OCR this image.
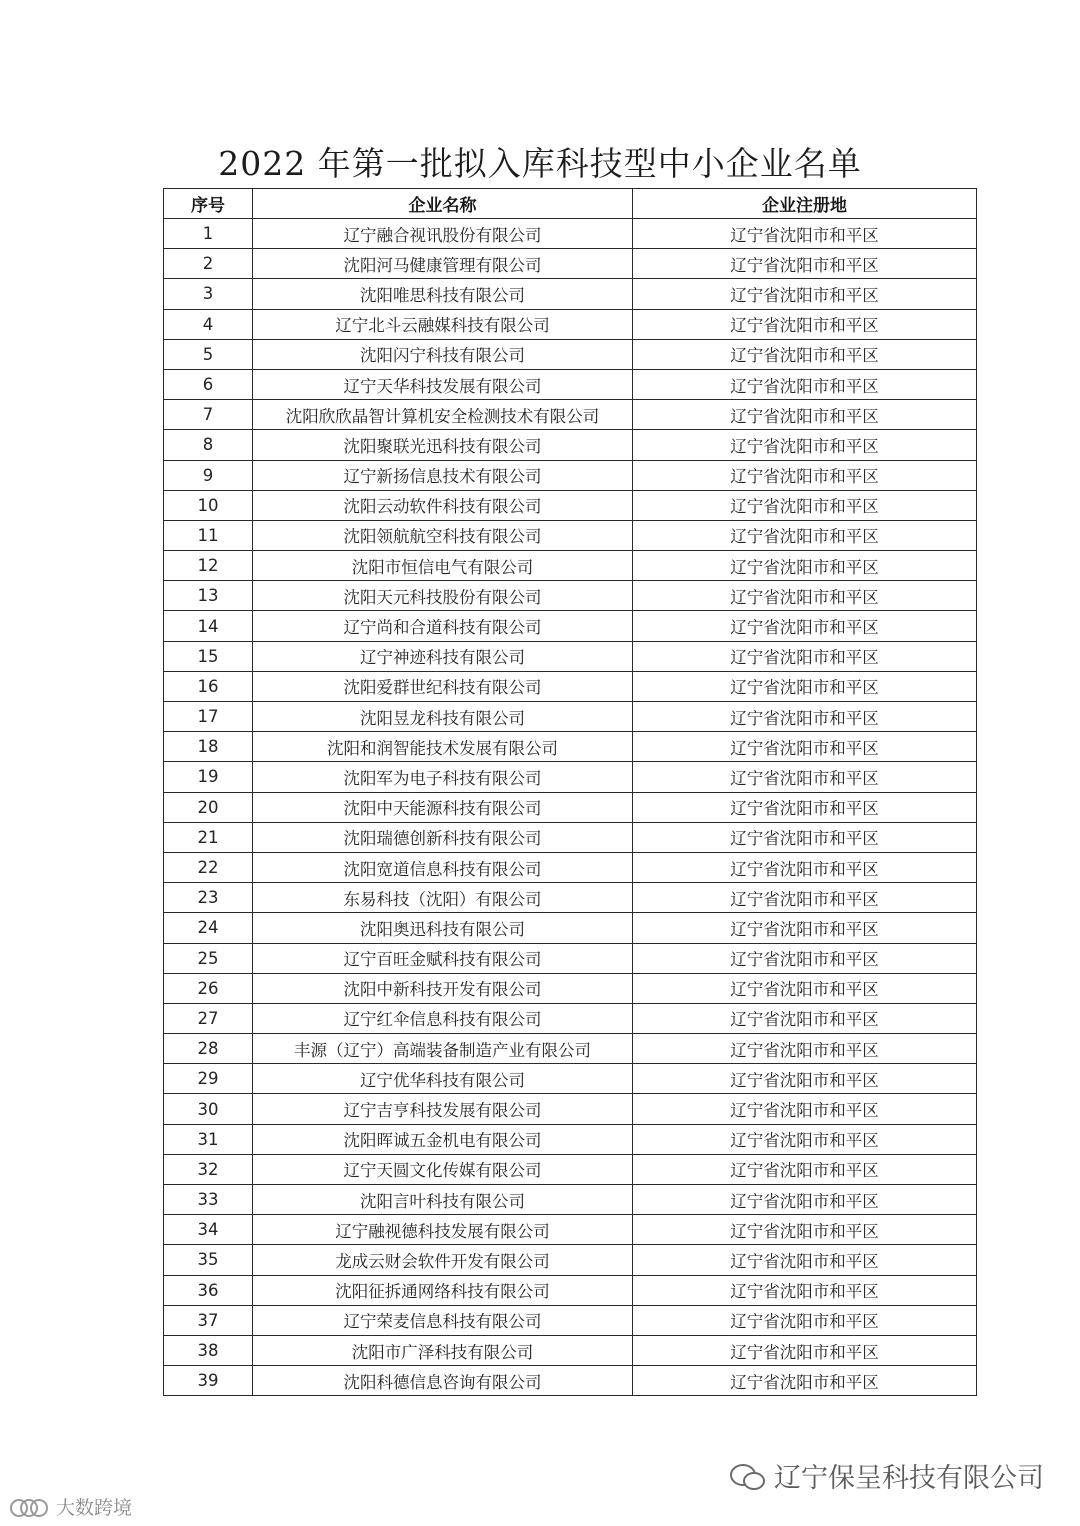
2022 年第一批拟入库科技型中小企业名单
序号	企业名称	企业注册地
1	辽宁融合视讯股份有限公司	辽宁省沈阳市和平区
2	沈阳河马健康管理有限公司	辽宁省沈阳市和平区
3	沈阳唯思科技有限公司	辽宁省沈阳市和平区
4	辽宁北斗云融媒科技有限公司	辽宁省沈阳市和平区
5	沈阳闪宁科技有限公司	辽宁省沈阳市和平区
6	辽宁天华科技发展有限公司	辽宁省沈阳市和平区
7	沈阳欣欣晶智计算机安全检测技术有限公司	辽宁省沈阳市和平区
8	沈阳聚联光迅科技有限公司	辽宁省沈阳市和平区
9	辽宁新扬信息技术有限公司	辽宁省沈阳市和平区
10	沈阳云动软件科技有限公司	辽宁省沈阳市和平区
11	沈阳领航航空科技有限公司	辽宁省沈阳市和平区
12	沈阳市恒信电气有限公司	辽宁省沈阳市和平区
13	沈阳天元科技股份有限公司	辽宁省沈阳市和平区
14	辽宁尚和合道科技有限公司	辽宁省沈阳市和平区
15	辽宁神迹科技有限公司	辽宁省沈阳市和平区
16	沈阳爱群世纪科技有限公司	辽宁省沈阳市和平区
17	沈阳昱龙科技有限公司	辽宁省沈阳市和平区
18	沈阳和润智能技术发展有限公司	辽宁省沈阳市和平区
19	沈阳军为电子科技有限公司	辽宁省沈阳市和平区
20	沈阳中天能源科技有限公司	辽宁省沈阳市和平区
21	沈阳瑞德创新科技有限公司	辽宁省沈阳市和平区
22	沈阳宽道信息科技有限公司	辽宁省沈阳市和平区
23	东易科技（沈阳）有限公司	辽宁省沈阳市和平区
24	沈阳奥迅科技有限公司	辽宁省沈阳市和平区
25	辽宁百旺金赋科技有限公司	辽宁省沈阳市和平区
26	沈阳中新科技开发有限公司	辽宁省沈阳市和平区
27	辽宁红伞信息科技有限公司	辽宁省沈阳市和平区
28	丰源（辽宁）高端装备制造产业有限公司	辽宁省沈阳市和平区
29	辽宁优华科技有限公司	辽宁省沈阳市和平区
30	辽宁吉亨科技发展有限公司	辽宁省沈阳市和平区
31	沈阳晖诚五金机电有限公司	辽宁省沈阳市和平区
32	辽宁天圆文化传媒有限公司	辽宁省沈阳市和平区
33	沈阳言叶科技有限公司	辽宁省沈阳市和平区
34	辽宁融视德科技发展有限公司	辽宁省沈阳市和平区
35	龙成云财会软件开发有限公司	辽宁省沈阳市和平区
36	沈阳征拆通网络科技有限公司	辽宁省沈阳市和平区
37	辽宁荣麦信息科技有限公司	辽宁省沈阳市和平区
38	沈阳市广泽科技有限公司	辽宁省沈阳市和平区
39	沈阳科德信息咨询有限公司	辽宁省沈阳市和平区
辽宁保呈科技有限公司
大数跨境
